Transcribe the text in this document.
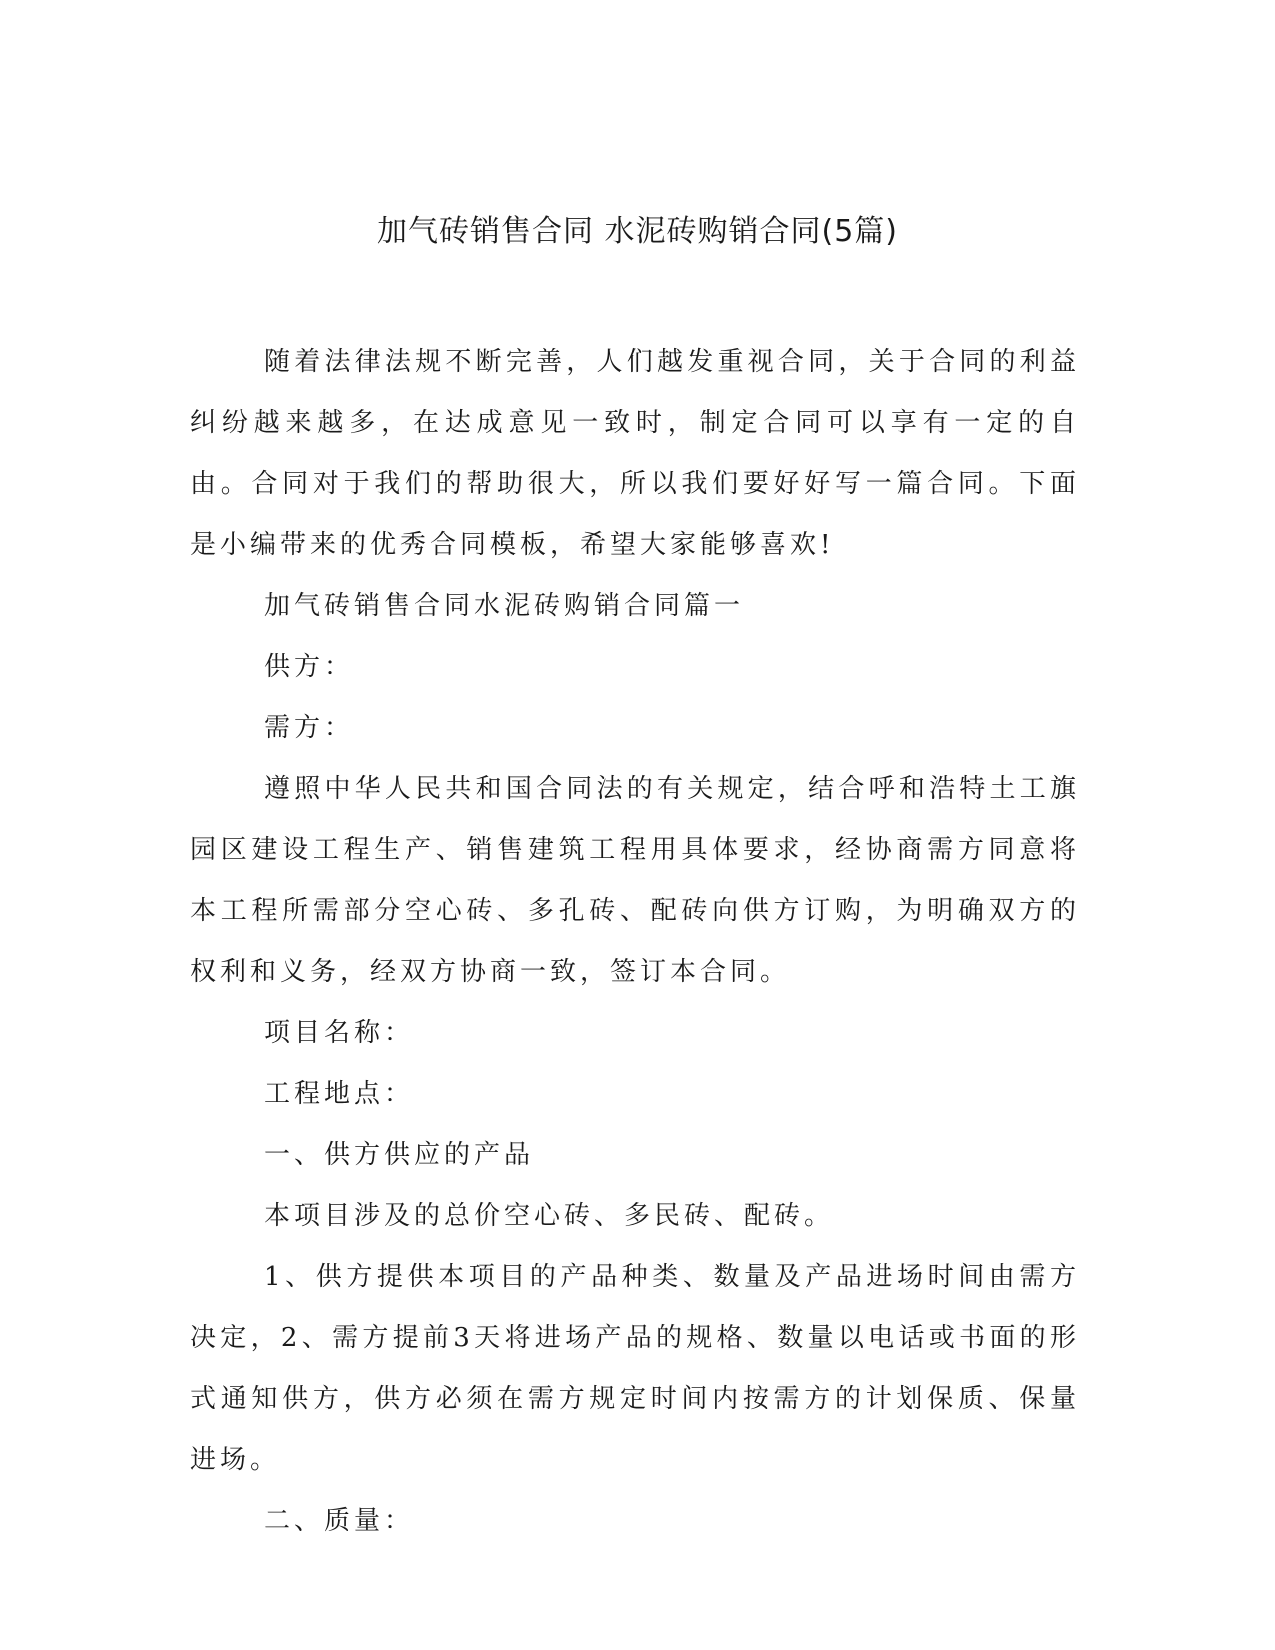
加气砖销售合同 水泥砖购销合同(5篇)

随着法律法规不断完善，人们越发重视合同，关于合同的利益纠纷越来越多，在达成意见一致时，制定合同可以享有一定的自由。合同对于我们的帮助很大，所以我们要好好写一篇合同。下面是小编带来的优秀合同模板，希望大家能够喜欢!

加气砖销售合同水泥砖购销合同篇一

供方：

需方：

遵照中华人民共和国合同法的有关规定，结合呼和浩特土工旗园区建设工程生产、销售建筑工程用具体要求，经协商需方同意将本工程所需部分空心砖、多孔砖、配砖向供方订购，为明确双方的权利和义务，经双方协商一致，签订本合同。

项目名称：

工程地点：

一、供方供应的产品

本项目涉及的总价空心砖、多民砖、配砖。

1、供方提供本项目的产品种类、数量及产品进场时间由需方决定，2、需方提前3天将进场产品的规格、数量以电话或书面的形式通知供方，供方必须在需方规定时间内按需方的计划保质、保量进场。

二、质量：
